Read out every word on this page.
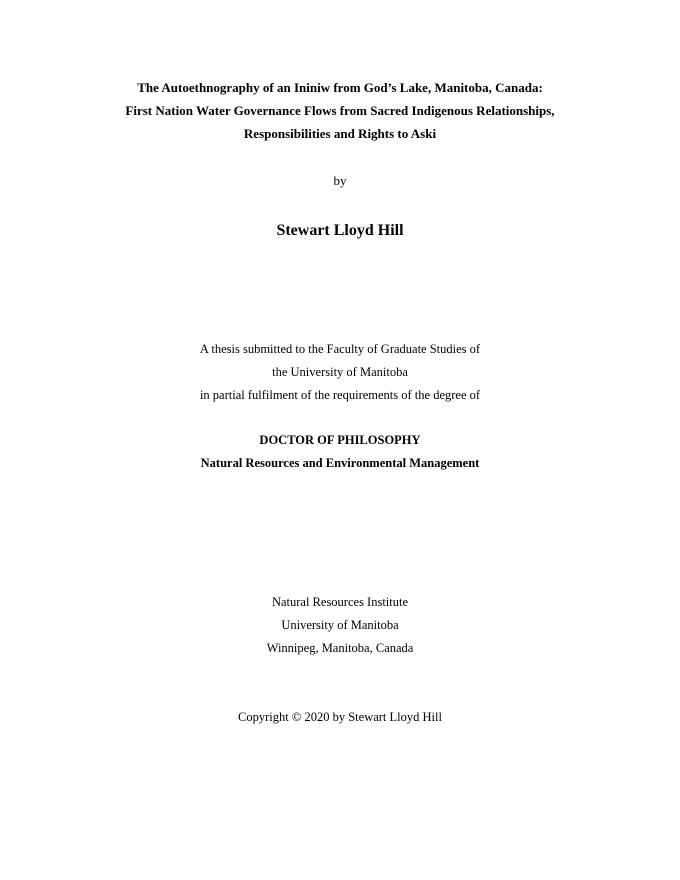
The Autoethnography of an Ininiw from God’s Lake, Manitoba, Canada:
First Nation Water Governance Flows from Sacred Indigenous Relationships,
Responsibilities and Rights to Aski
by
Stewart Lloyd Hill
A thesis submitted to the Faculty of Graduate Studies of
the University of Manitoba
in partial fulfilment of the requirements of the degree of
DOCTOR OF PHILOSOPHY
Natural Resources and Environmental Management
Natural Resources Institute
University of Manitoba
Winnipeg, Manitoba, Canada
Copyright © 2020 by Stewart Lloyd Hill
